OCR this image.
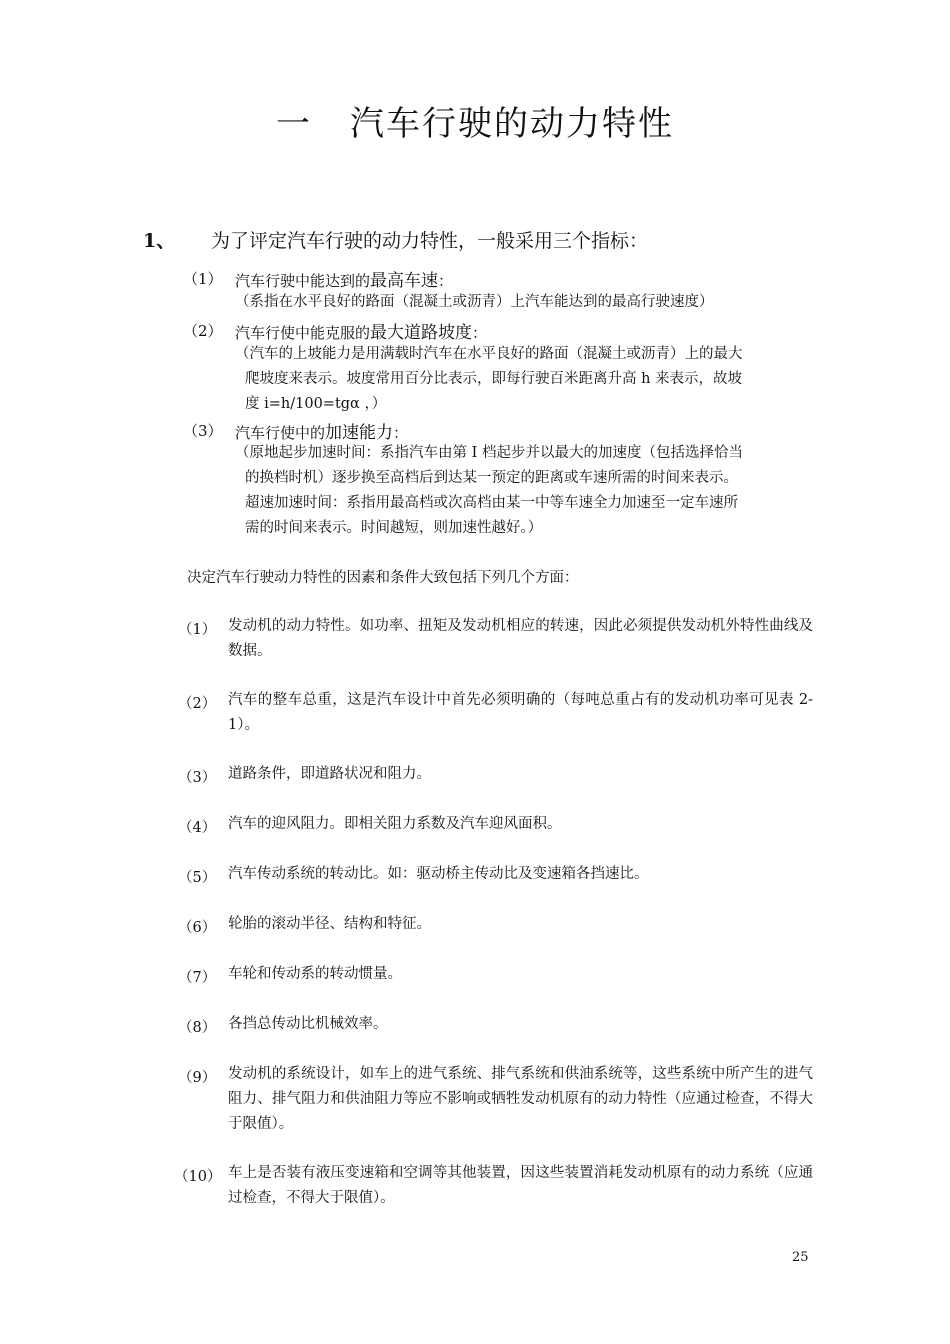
一 汽车行驶的动力特性
1、 为了评定汽车行驶的动力特性，一般采用三个指标：
（1） 汽车行驶中能达到的最高车速：
（系指在水平良好的路面（混凝土或沥青）上汽车能达到的最高行驶速度）
（2） 汽车行使中能克服的最大道路坡度：
（汽车的上坡能力是用满载时汽车在水平良好的路面（混凝土或沥青）上的最大
爬坡度来表示。坡度常用百分比表示，即每行驶百米距离升高 h 来表示，故坡
度 i=h/100=tgα ，）
（3） 汽车行使中的加速能力：
（原地起步加速时间：系指汽车由第 I 档起步并以最大的加速度（包括选择恰当
的换档时机）逐步换至高档后到达某一预定的距离或车速所需的时间来表示。
超速加速时间：系指用最高档或次高档由某一中等车速全力加速至一定车速所
需的时间来表示。时间越短，则加速性越好。）
决定汽车行驶动力特性的因素和条件大致包括下列几个方面：
（1） 发动机的动力特性。如功率、扭矩及发动机相应的转速，因此必须提供发动机外特性曲线及数据。
（2） 汽车的整车总重，这是汽车设计中首先必须明确的（每吨总重占有的发动机功率可见表 2-1）。
（3） 道路条件，即道路状况和阻力。
（4） 汽车的迎风阻力。即相关阻力系数及汽车迎风面积。
（5） 汽车传动系统的转动比。如：驱动桥主传动比及变速箱各挡速比。
（6） 轮胎的滚动半径、结构和特征。
（7） 车轮和传动系的转动惯量。
（8） 各挡总传动比机械效率。
（9） 发动机的系统设计，如车上的进气系统、排气系统和供油系统等，这些系统中所产生的进气阻力、排气阻力和供油阻力等应不影响或牺牲发动机原有的动力特性（应通过检查，不得大于限值）。
（10） 车上是否装有液压变速箱和空调等其他装置，因这些装置消耗发动机原有的动力系统（应通过检查，不得大于限值）。
25
